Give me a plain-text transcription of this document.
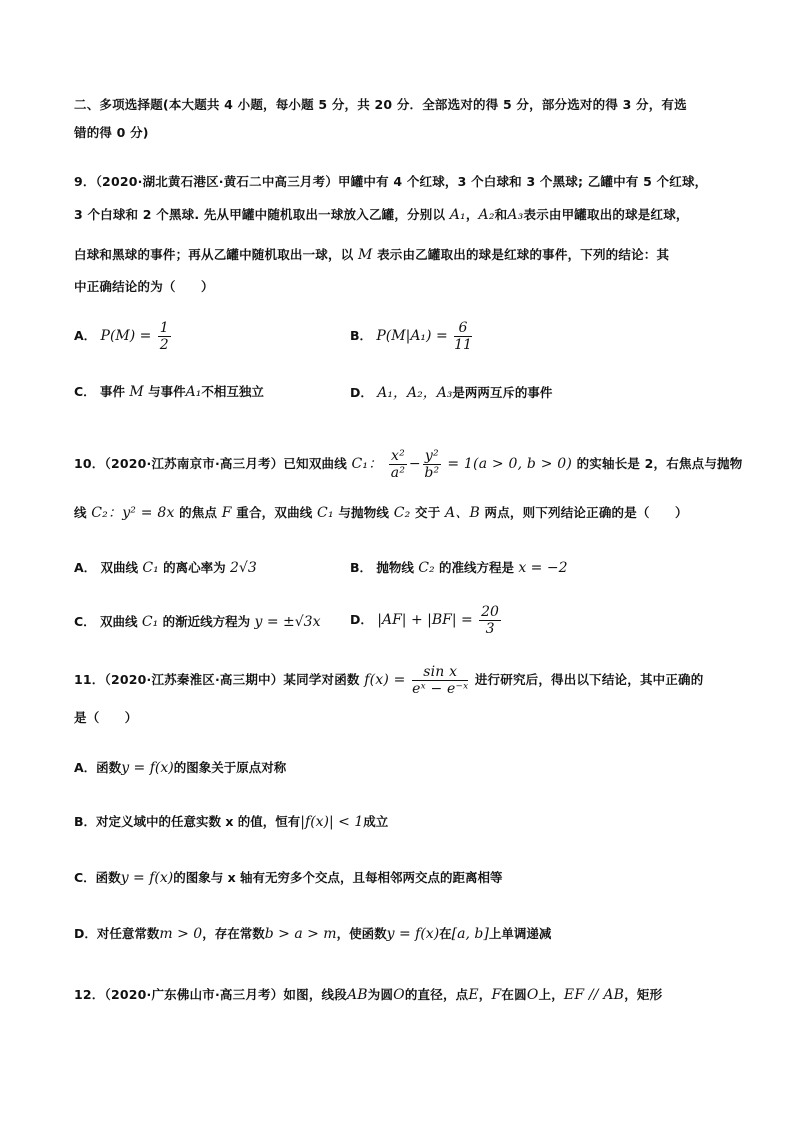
二、多项选择题(本大题共 4 小题，每小题 5 分，共 20 分．全部选对的得 5 分，部分选对的得 3 分，有选
错的得 0 分)
9．（2020·湖北黄石港区·黄石二中高三月考）甲罐中有 4 个红球，3 个白球和 3 个黑球; 乙罐中有 5 个红球，
3 个白球和 2 个黑球. 先从甲罐中随机取出一球放入乙罐，分别以 A₁，A₂和A₃表示由甲罐取出的球是红球，
白球和黑球的事件；再从乙罐中随机取出一球，以 M 表示由乙罐取出的球是红球的事件，下列的结论：其
中正确结论的为（　　）
A． $P(M) = \frac{1}{2}$	B． $P(M|A_1) = \frac{6}{11}$
C． 事件 M 与事件A₁不相互独立	D． A₁，A₂，A₃是两两互斥的事件
10．（2020·江苏南京市·高三月考）已知双曲线 C₁： $\frac{\text{x²}}{\text{a²}} - \frac{\text{y²}}{\text{b²}} = 1(a > 0$, b > 0) 的实轴长是 2，右焦点与抛物
线 C₂：y² = 8x 的焦点 F 重合，双曲线 C₁ 与抛物线 C₂ 交于 A、B 两点，则下列结论正确的是（　　）
A． 双曲线 C₁ 的离心率为 2√3	B． 抛物线 C₂ 的准线方程是 x = −2
C． 双曲线 C₁ 的渐近线方程为 y = ±√3x D． $|AF| + |BF| = \frac{20}{3}$
11．（2020·江苏秦淮区·高三期中）某同学对函数 $f(x) = \frac{\text{sin x}}{\text{eˣ − e⁻ˣ}}$ 进行研究后，得出以下结论，其中正确的
是（　　）
A．函数y = f(x)的图象关于原点对称
B．对定义域中的任意实数 x 的值，恒有|f(x)| < 1成立
C．函数y = f(x)的图象与 x 轴有无穷多个交点，且每相邻两交点的距离相等
D．对任意常数m > 0，存在常数b > a > m，使函数y = f(x)在[a, b]上单调递减
12．（2020·广东佛山市·高三月考）如图，线段AB为圆O的直径，点E，F在圆O上，EF // AB，矩形
